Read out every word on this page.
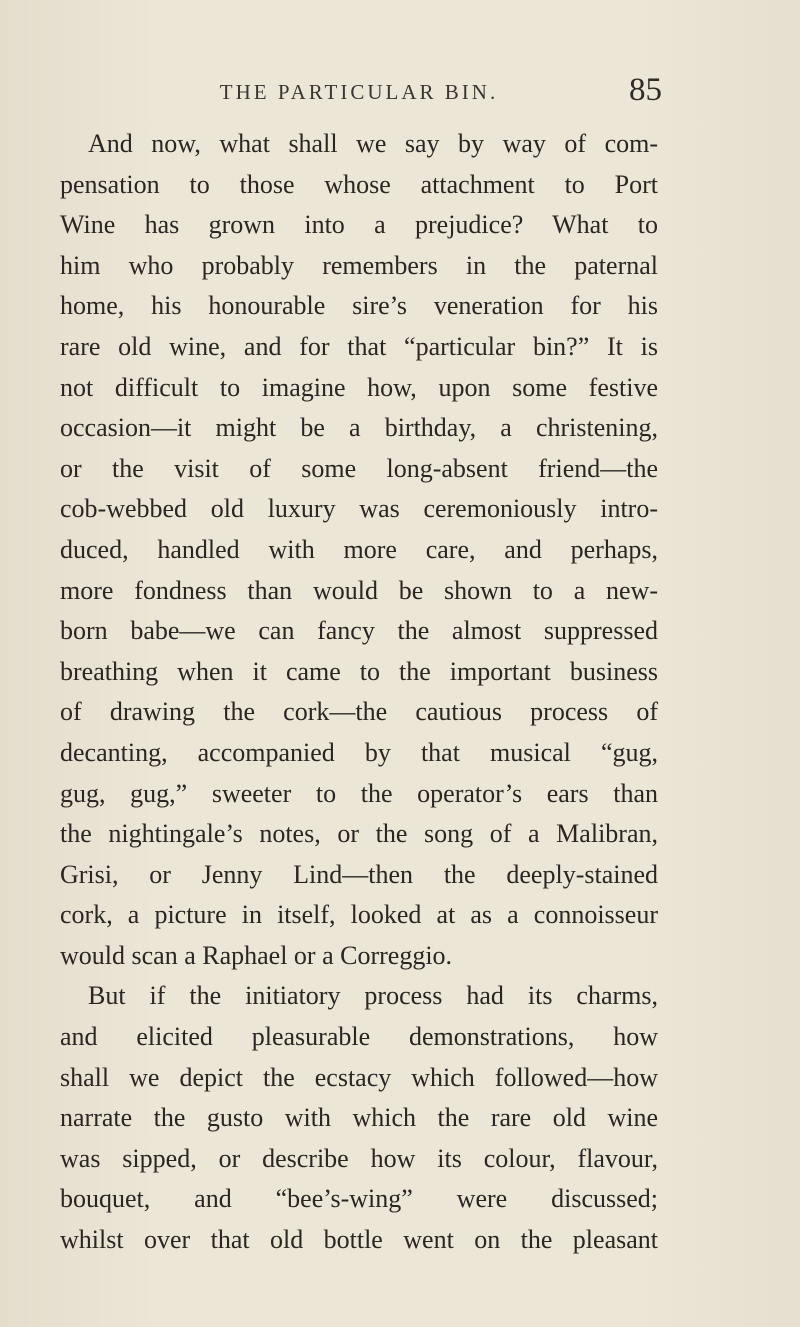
THE PARTICULAR BIN.	85
And now, what shall we say by way of com-
pensation to those whose attachment to Port
Wine has grown into a prejudice? What to
him who probably remembers in the paternal
home, his honourable sire’s veneration for his
rare old wine, and for that “particular bin?” It is
not difficult to imagine how, upon some festive
occasion—it might be a birthday, a christening,
or the visit of some long-absent friend—the
cob-webbed old luxury was ceremoniously intro-
duced, handled with more care, and perhaps,
more fondness than would be shown to a new-
born babe—we can fancy the almost suppressed
breathing when it came to the important business
of drawing the cork—the cautious process of
decanting, accompanied by that musical “gug,
gug, gug,” sweeter to the operator’s ears than
the nightingale’s notes, or the song of a Malibran,
Grisi, or Jenny Lind—then the deeply-stained
cork, a picture in itself, looked at as a connoisseur
would scan a Raphael or a Correggio.
But if the initiatory process had its charms,
and elicited pleasurable demonstrations, how
shall we depict the ecstacy which followed—how
narrate the gusto with which the rare old wine
was sipped, or describe how its colour, flavour,
bouquet, and “bee’s-wing” were discussed;
whilst over that old bottle went on the pleasant
